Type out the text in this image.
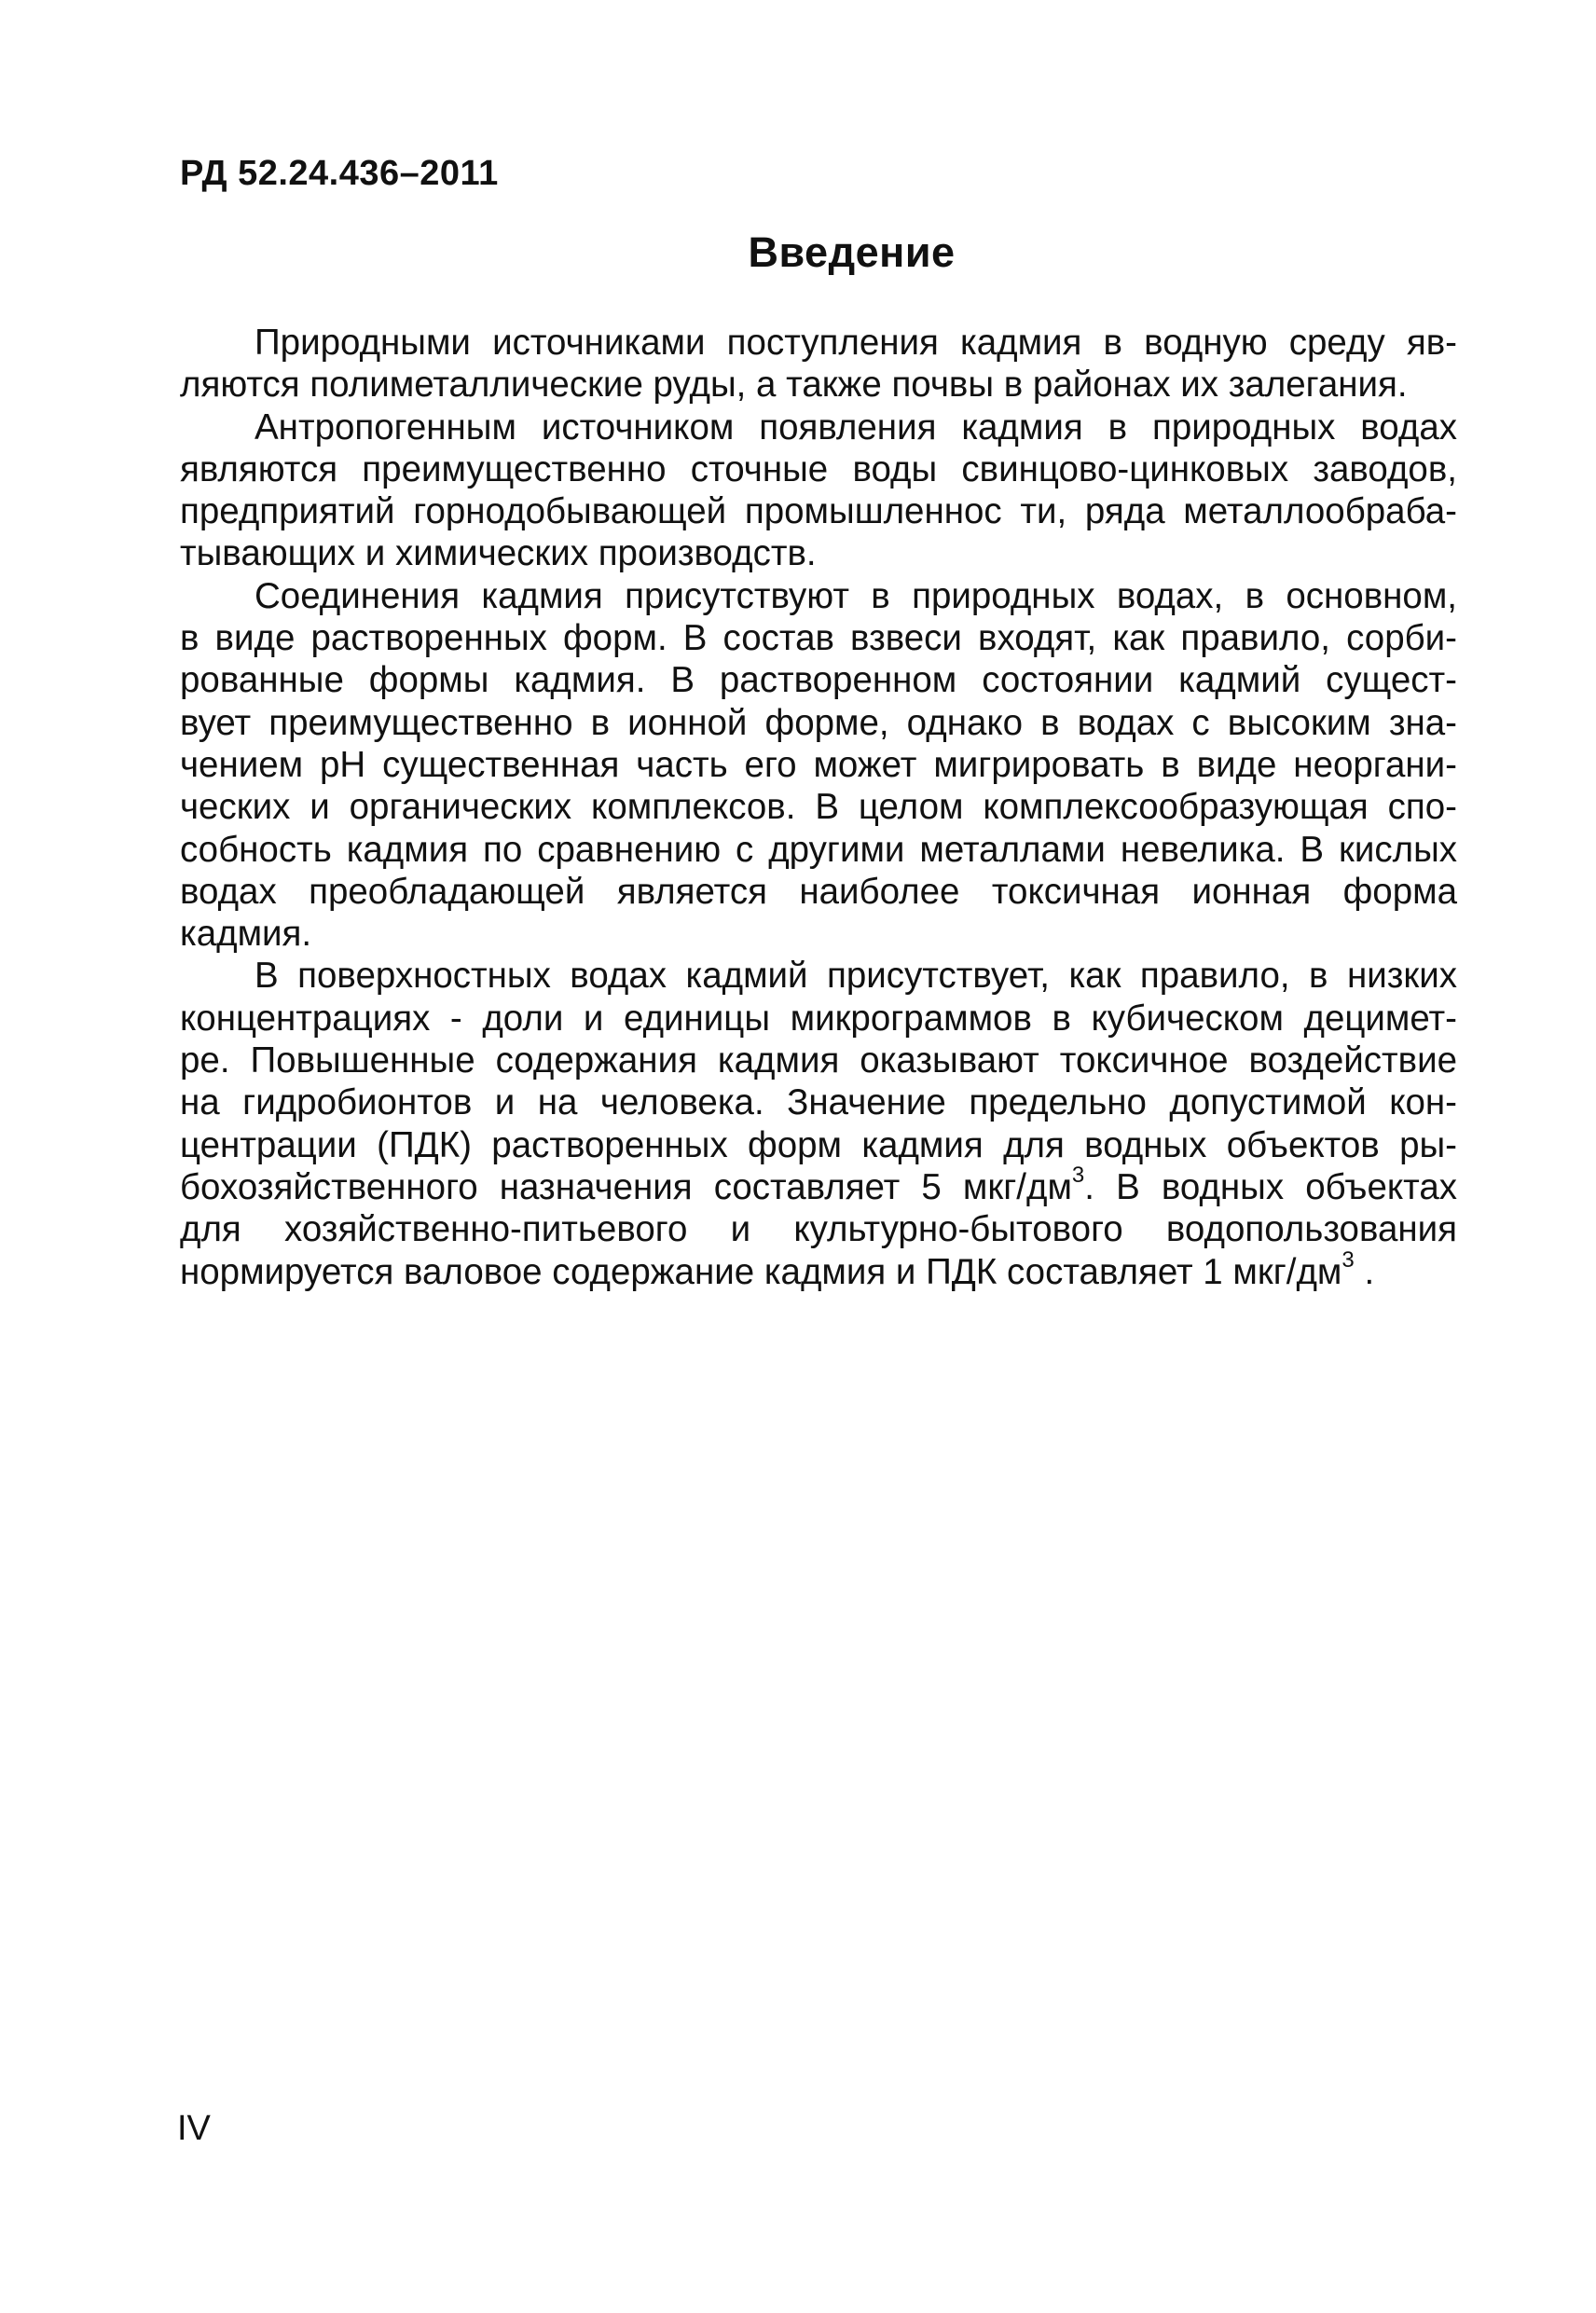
РД 52.24.436–2011
Введение
Природными источниками поступления кадмия в водную среду яв-
ляются полиметаллические руды, а также почвы в районах их залегания.
Антропогенным источником появления кадмия в природных водах
являются преимущественно сточные воды свинцово-цинковых заводов,
предприятий горнодобывающей промышленнос ти, ряда металлообраба-
тывающих и химических производств.
Соединения кадмия присутствуют в природных водах, в основном,
в виде растворенных форм. В состав взвеси входят, как правило, сорби-
рованные формы кадмия. В растворенном состоянии кадмий сущест-
вует преимущественно в ионной форме, однако в водах с высоким зна-
чением pH существенная часть его может мигрировать в виде неоргани-
ческих и органических комплексов. В целом комплексообразующая спо-
собность кадмия по сравнению с другими металлами невелика. В кислых
водах преобладающей является наиболее токсичная ионная форма
кадмия.
В поверхностных водах кадмий присутствует, как правило, в низких
концентрациях - доли и единицы микрограммов в кубическом децимет-
ре. Повышенные содержания кадмия оказывают токсичное воздействие
на гидробионтов и на человека. Значение предельно допустимой кон-
центрации (ПДК) растворенных форм кадмия для водных объектов ры-
бохозяйственного назначения составляет 5 мкг/$дм^3$. В водных объектах
для хозяйственно-питьевого и культурно-бытового водопользования
нормируется валовое содержание кадмия и ПДК составляет 1 мкг/$дм^3$ .
IV
